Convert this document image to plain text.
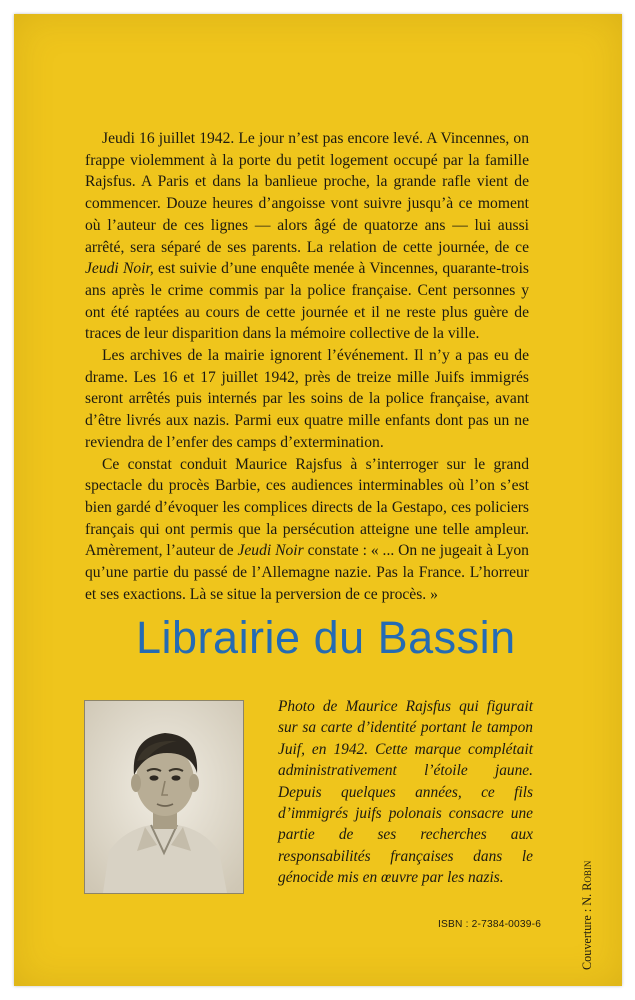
Jeudi 16 juillet 1942. Le jour n’est pas encore levé. A Vincennes, on frappe violemment à la porte du petit logement occupé par la famille Rajsfus. A Paris et dans la banlieue proche, la grande rafle vient de commencer. Douze heures d’angoisse vont suivre jusqu’à ce moment où l’auteur de ces lignes — alors âgé de quatorze ans — lui aussi arrêté, sera séparé de ses parents. La relation de cette journée, de ce Jeudi Noir, est suivie d’une enquête menée à Vincennes, quarante-trois ans après le crime commis par la police française. Cent personnes y ont été raptées au cours de cette journée et il ne reste plus guère de traces de leur disparition dans la mémoire collective de la ville.

Les archives de la mairie ignorent l’événement. Il n’y a pas eu de drame. Les 16 et 17 juillet 1942, près de treize mille Juifs immigrés seront arrêtés puis internés par les soins de la police française, avant d’être livrés aux nazis. Parmi eux quatre mille enfants dont pas un ne reviendra de l’enfer des camps d’extermination.

Ce constat conduit Maurice Rajsfus à s’interroger sur le grand spectacle du procès Barbie, ces audiences interminables où l’on s’est bien gardé d’évoquer les complices directs de la Gestapo, ces policiers français qui ont permis que la persécution atteigne une telle ampleur. Amèrement, l’auteur de Jeudi Noir constate : « ... On ne jugeait à Lyon qu’une partie du passé de l’Allemagne nazie. Pas la France. L’horreur et ses exactions. Là se situe la perversion de ce procès. »

Librairie du Bassin

Photo de Maurice Rajsfus qui figurait sur sa carte d’identité portant le tampon Juif, en 1942. Cette marque complétait administrativement l’étoile jaune. Depuis quelques années, ce fils d’immigrés juifs polonais consacre une partie de ses recherches aux responsabilités françaises dans le génocide mis en œuvre par les nazis.

Couverture : N. Robin
ISBN : 2-7384-0039-6
